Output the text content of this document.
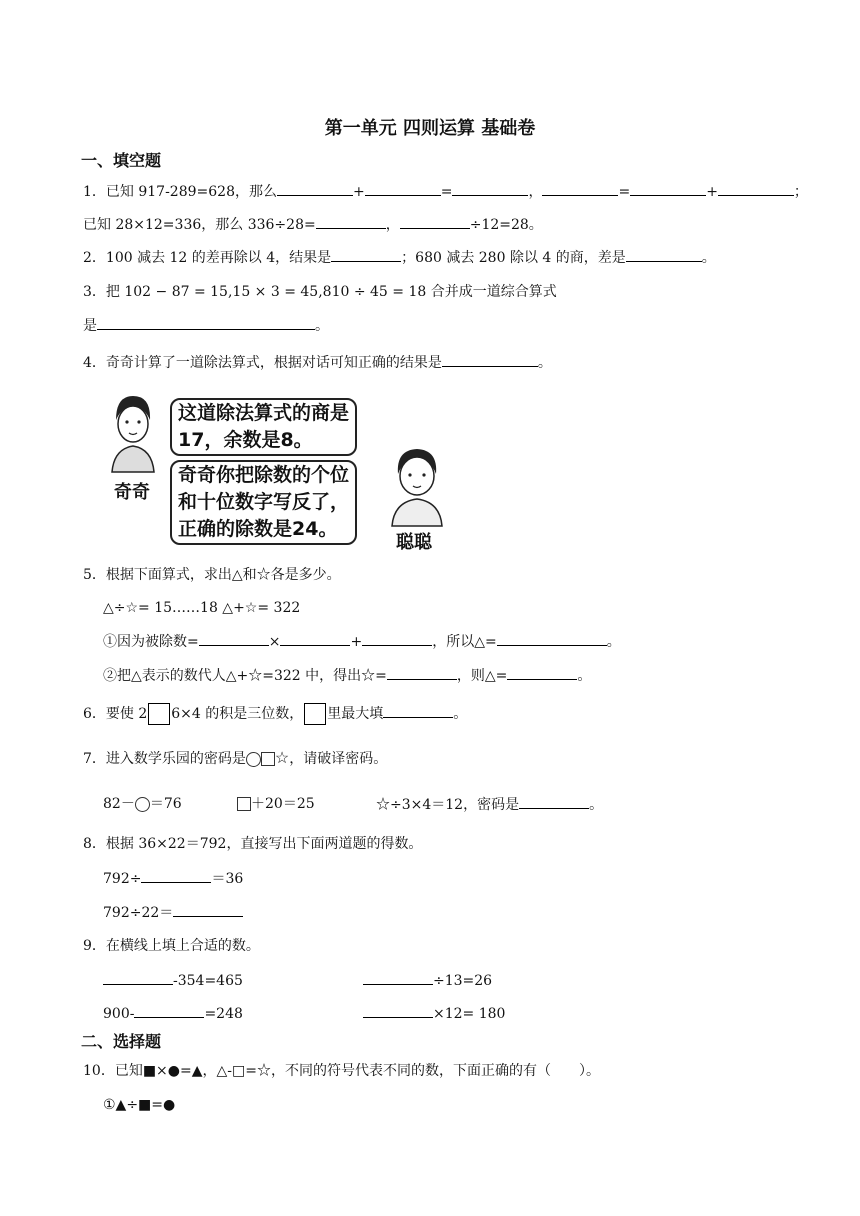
第一单元 四则运算 基础卷
一、填空题
1．已知 917-289=628，那么	+	=	，	=	+	；
已知 28×12=336，那么 336÷28=	，	÷12=28。
2．100 减去 12 的差再除以 4，结果是	；680 减去 280 除以 4 的商，差是	。
3．把 102 − 87 = 15,15 × 3 = 45,810 ÷ 45 = 18 合并成一道综合算式
是	。
4．奇奇计算了一道除法算式，根据对话可知正确的结果是	。
奇奇
聪聪
这道除法算式的商是
17，余数是8。
奇奇你把除数的个位
和十位数字写反了，
正确的除数是24。
5．根据下面算式，求出△和☆各是多少。
△÷☆= 15……18 △+☆= 322
①因为被除数=	×	+	，所以△=	。
②把△表示的数代人△+☆=322 中，得出☆=	，则△=	。
6．要使 2 6×4 的积是三位数， 里最大填	。
7．进入数学乐园的密码是 ☆，请破译密码。
82－ ＝76	＋20＝25	☆÷3×4＝12，密码是	。
8．根据 36×22＝792，直接写出下面两道题的得数。
792÷	＝36
792÷22＝
9．在横线上填上合适的数。
-354=465	÷13=26
900-	=248	×12= 180
二、选择题
10．已知■×●=▲，△-□=☆，不同的符号代表不同的数，下面正确的有（　　）。
①▲÷■=●
